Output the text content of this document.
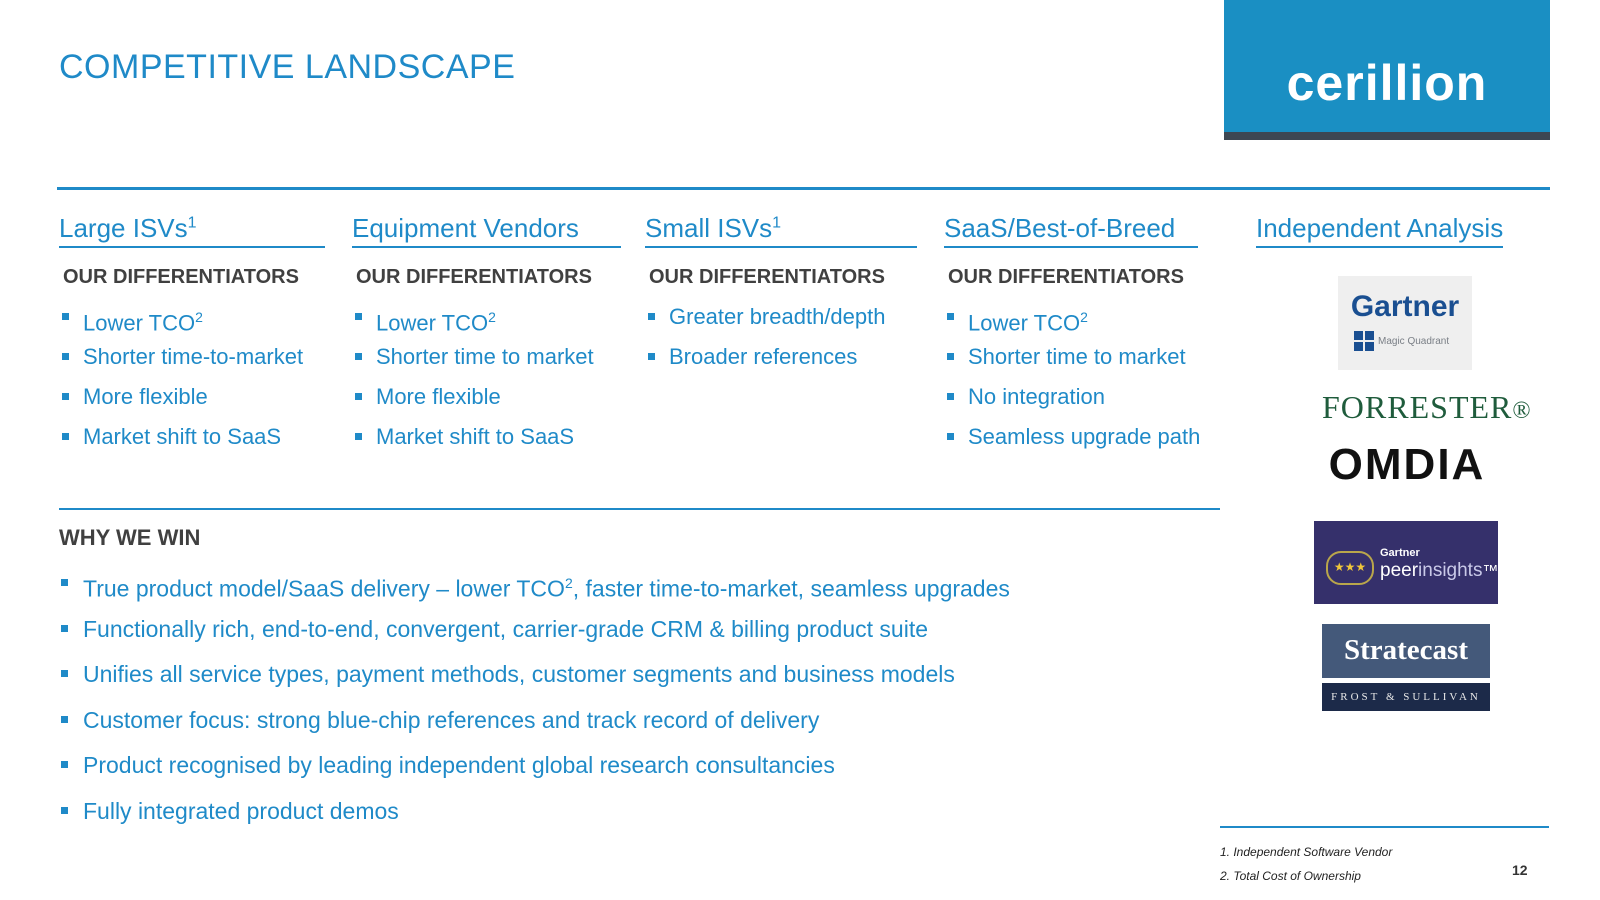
COMPETITIVE LANDSCAPE	cerillion
Large ISVs$^1$
OUR DIFFERENTIATORS
Lower TCO$^2$
Shorter time-to-market
More flexible
Market shift to SaaS
Equipment Vendors
OUR DIFFERENTIATORS
Lower TCO$^2$
Shorter time to market
More flexible
Market shift to SaaS
Small ISVs$^1$
OUR DIFFERENTIATORS
Greater breadth/depth
Broader references
SaaS/Best-of-Breed
OUR DIFFERENTIATORS
Lower TCO$^2$
Shorter time to market
No integration
Seamless upgrade path
WHY WE WIN
True product model/SaaS delivery – lower TCO$^2$, faster time-to-market, seamless upgrades
Functionally rich, end-to-end, convergent, carrier-grade CRM & billing product suite
Unifies all service types, payment methods, customer segments and business models
Customer focus: strong blue-chip references and track record of delivery
Product recognised by leading independent global research consultancies
Fully integrated product demos
Independent Analysis
Gartner
Magic Quadrant
FORRESTER®
OMDIA
★★★
Gartner
peerinsights™
Stratecast
FROST & SULLIVAN
1. Independent Software Vendor
2. Total Cost of Ownership	12
